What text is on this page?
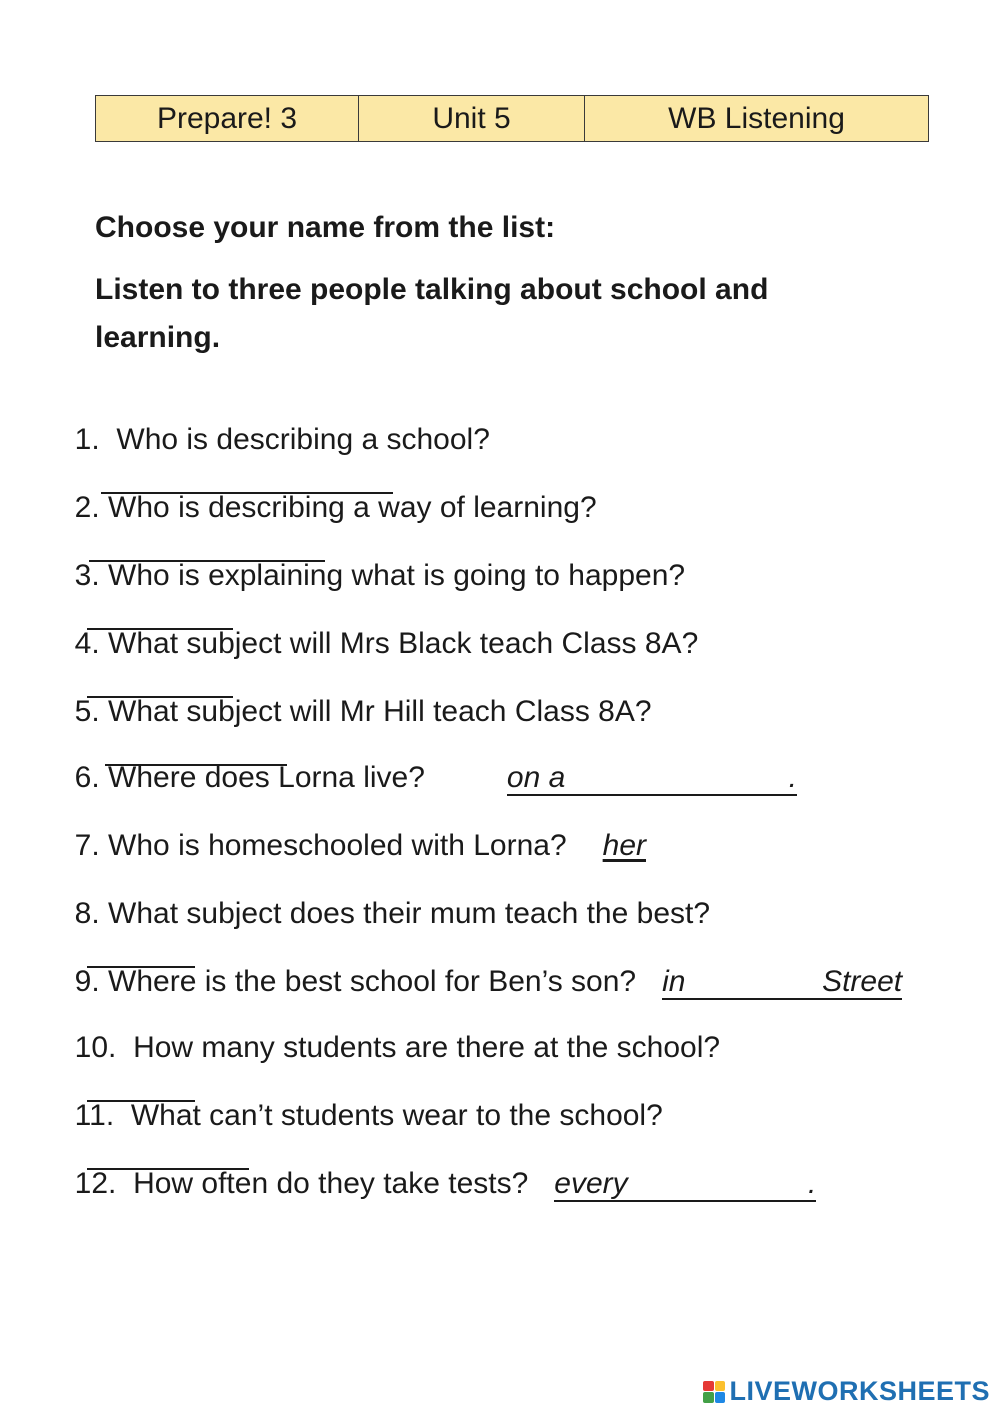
Prepare! 3	Unit 5	WB Listening

Choose your name from the list:

Listen to three people talking about school and

learning.

1. Who is describing a school?

2. Who is describing a way of learning?

3. Who is explaining what is going to happen?

4. What subject will Mrs Black teach Class 8A?

5. What subject will Mr Hill teach Class 8A?

6. Where does Lorna live?	on a	.

7. Who is homeschooled with Lorna? her

8. What subject does their mum teach the best?

9. Where is the best school for Ben’s son? in	Street

10. How many students are there at the school?

11. What can’t students wear to the school?

12. How often do they take tests? every	.

LIVEWORKSHEETS
